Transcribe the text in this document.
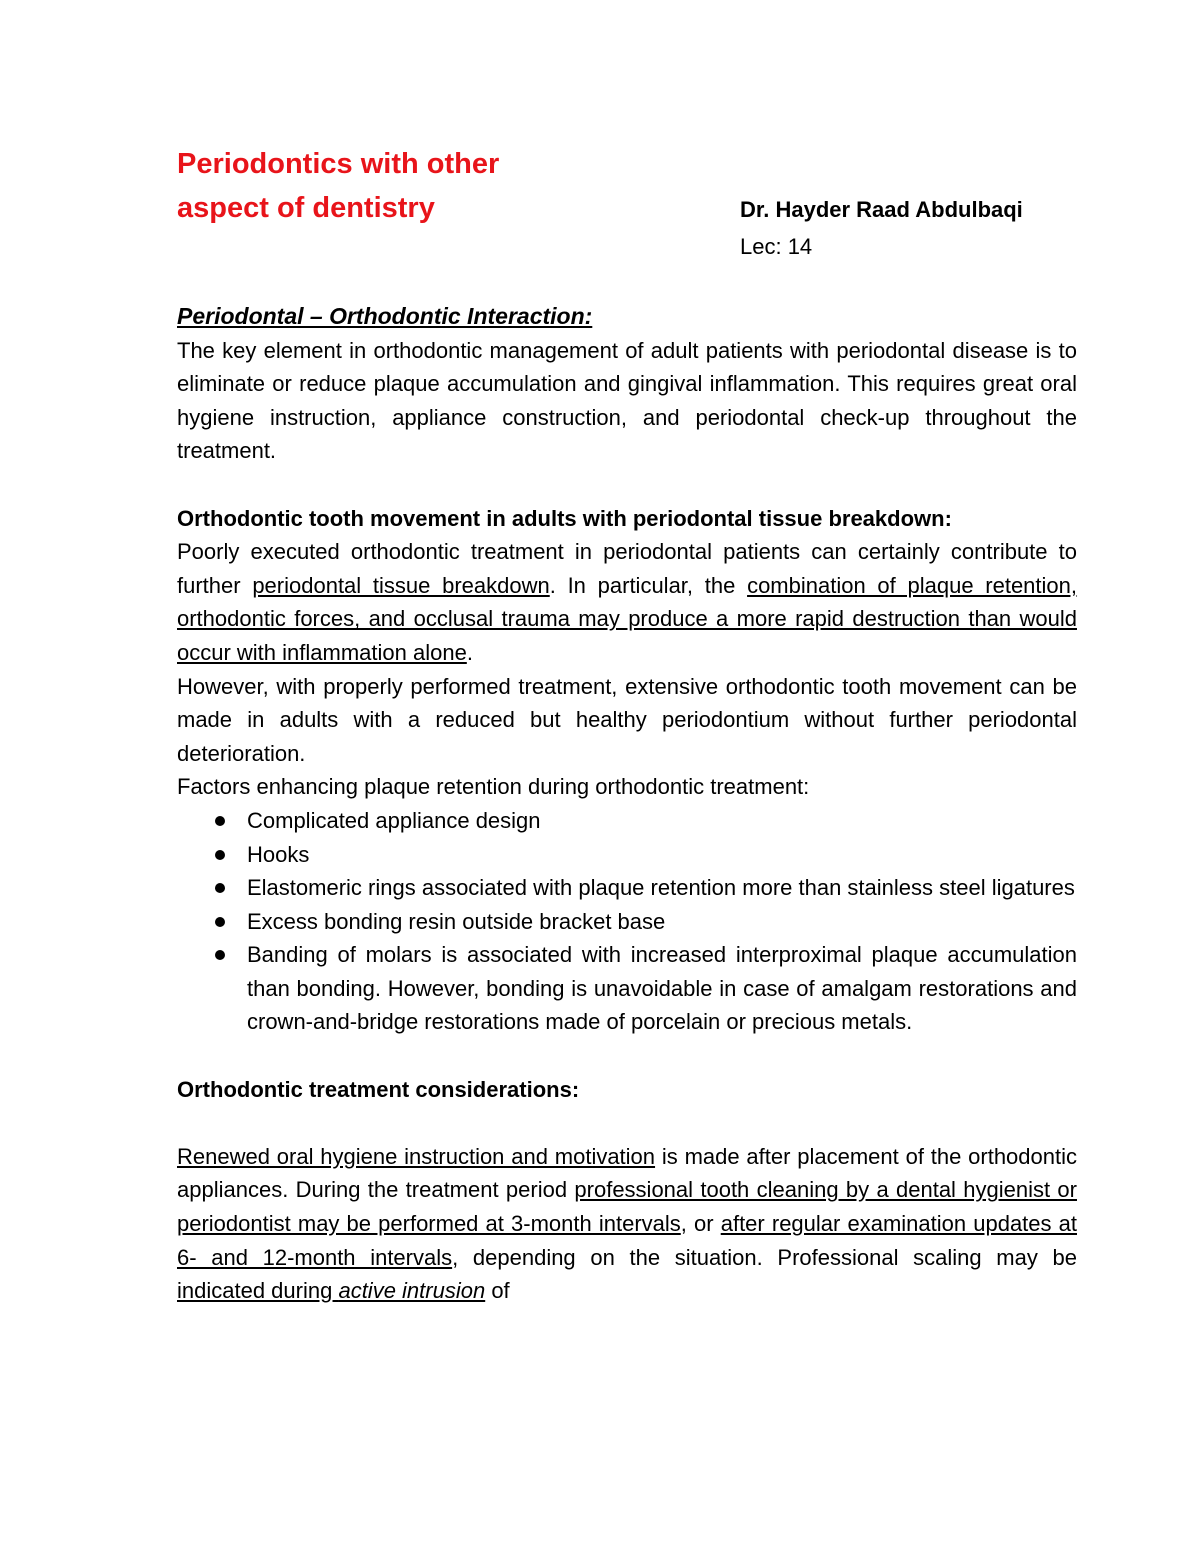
Periodontics with other
aspect of dentistry	Dr. Hayder Raad Abdulbaqi
Lec: 14

Periodontal – Orthodontic Interaction:

The key element in orthodontic management of adult patients with periodontal disease is to eliminate or reduce plaque accumulation and gingival inflammation. This requires great oral hygiene instruction, appliance construction, and periodontal check-up throughout the treatment.

Orthodontic tooth movement in adults with periodontal tissue breakdown:

Poorly executed orthodontic treatment in periodontal patients can certainly contribute to further periodontal tissue breakdown. In particular, the combination of plaque retention, orthodontic forces, and occlusal trauma may produce a more rapid destruction than would occur with inflammation alone.

However, with properly performed treatment, extensive orthodontic tooth movement can be made in adults with a reduced but healthy periodontium without further periodontal deterioration.

Factors enhancing plaque retention during orthodontic treatment:

Complicated appliance design
Hooks
Elastomeric rings associated with plaque retention more than stainless steel ligatures
Excess bonding resin outside bracket base
Banding of molars is associated with increased interproximal plaque accumulation than bonding. However, bonding is unavoidable in case of amalgam restorations and crown-and-bridge restorations made of porcelain or precious metals.

Orthodontic treatment considerations:

Renewed oral hygiene instruction and motivation is made after placement of the orthodontic appliances. During the treatment period professional tooth cleaning by a dental hygienist or periodontist may be performed at 3-month intervals, or after regular examination updates at 6- and 12-month intervals, depending on the situation. Professional scaling may be indicated during active intrusion of
